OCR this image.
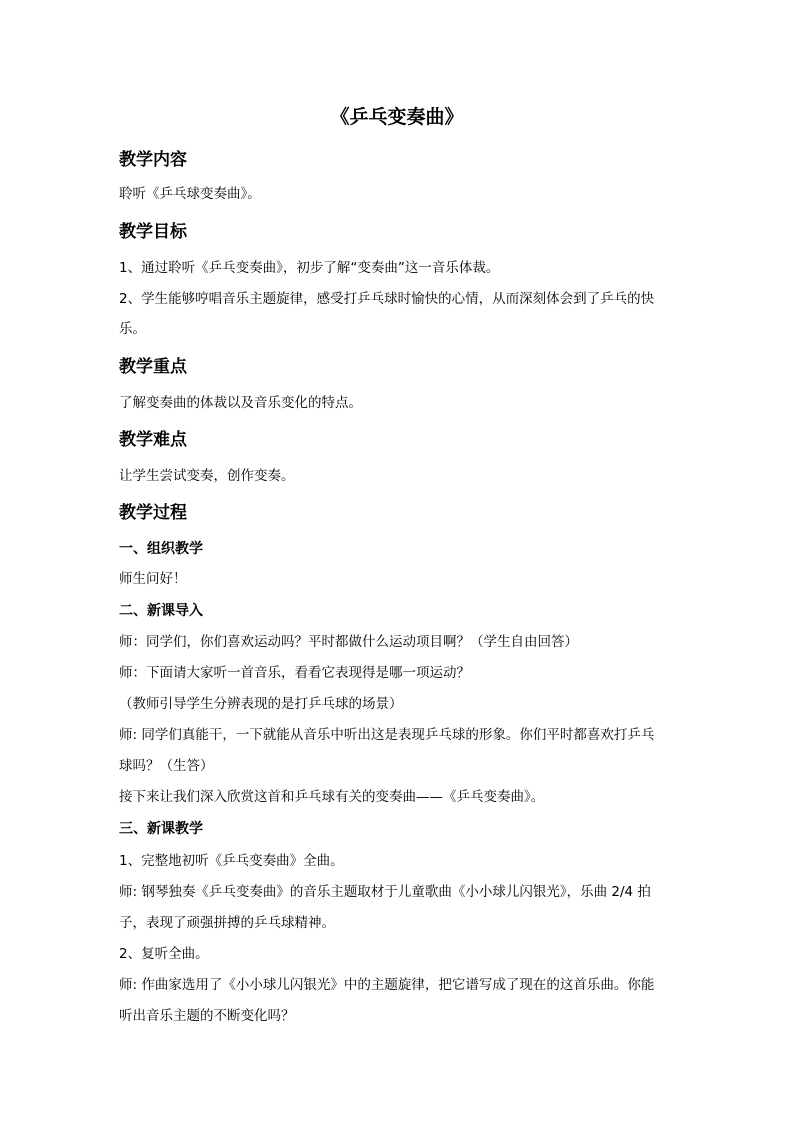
《乒乓变奏曲》
教学内容
聆听《乒乓球变奏曲》。
教学目标
1、通过聆听《乒乓变奏曲》，初步了解“变奏曲”这一音乐体裁。
2、学生能够哼唱音乐主题旋律，感受打乒乓球时愉快的心情，从而深刻体会到了乒乓的快
乐。
教学重点
了解变奏曲的体裁以及音乐变化的特点。
教学难点
让学生尝试变奏，创作变奏。
教学过程
一、组织教学
师生问好！
二、新课导入
师：同学们，你们喜欢运动吗？平时都做什么运动项目啊？（学生自由回答）
师：下面请大家听一首音乐，看看它表现得是哪一项运动？
（教师引导学生分辨表现的是打乒乓球的场景）
师: 同学们真能干，一下就能从音乐中听出这是表现乒乓球的形象。你们平时都喜欢打乒乓
球吗？（生答）
接下来让我们深入欣赏这首和乒乓球有关的变奏曲——《乒乓变奏曲》。
三、新课教学
1、完整地初听《乒乓变奏曲》全曲。
师: 钢琴独奏《乒乓变奏曲》的音乐主题取材于儿童歌曲《小小球儿闪银光》，乐曲 2/4 拍
子，表现了顽强拼搏的乒乓球精神。
2、复听全曲。
师: 作曲家选用了《小小球儿闪银光》中的主题旋律，把它谱写成了现在的这首乐曲。你能
听出音乐主题的不断变化吗？
